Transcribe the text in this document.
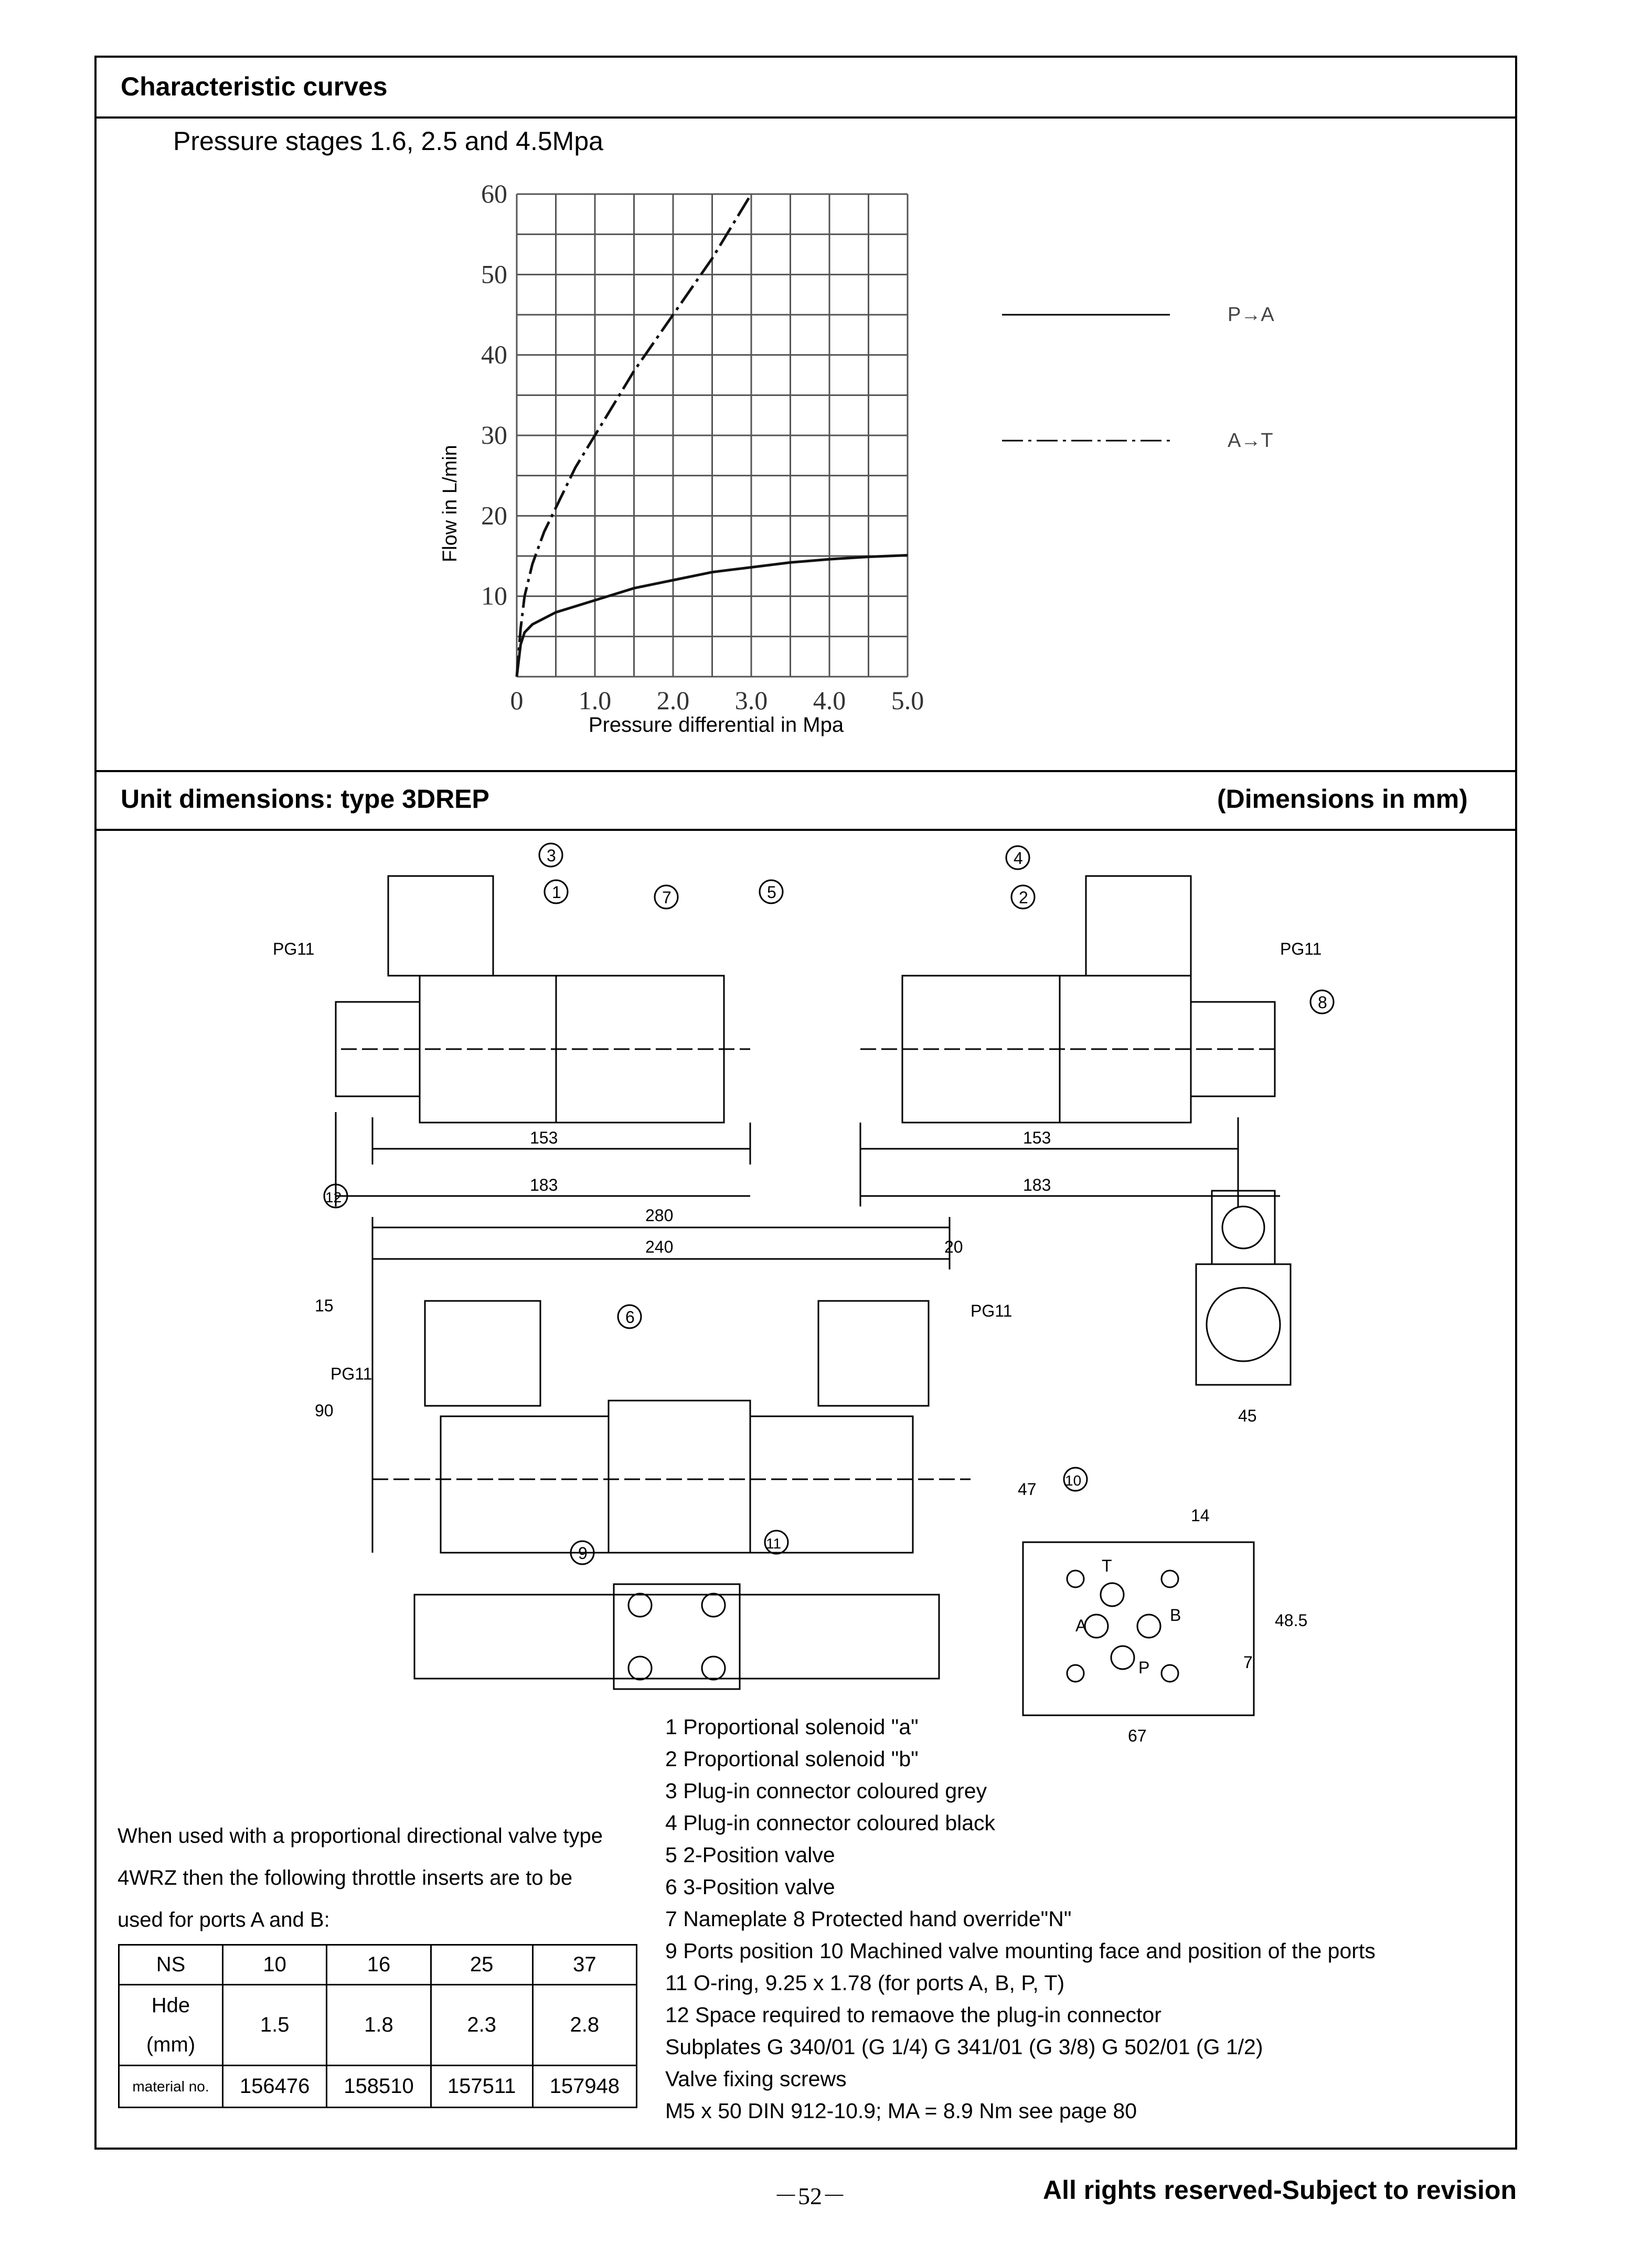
Characteristic curves
Pressure stages 1.6, 2.5 and 4.5Mpa
0 1.0 2.0 3.0 4.0 5.0
10
20
30
40
50
60
Flow in L/min
Pressure differential in Mpa
P→A
A→T
Unit dimensions: type 3DREP	(Dimensions in mm)
153
183
PG11
153
183
PG11
280
240	20
15
90
47
PG11
PG11
45
T
A
B
P
14
48.5
7
67
3
1	7	5
4
2
8
12
6
10
11
9
When used with a proportional directional valve type
4WRZ then the following throttle inserts are to be
used for ports A and B:
NS	10	16	25	37

Hde
(mm)	1.5	1.8	2.3	2.8
material no.	156476	158510	157511	157948
1 Proportional solenoid "a"
2 Proportional solenoid "b"
3 Plug-in connector coloured grey
4 Plug-in connector coloured black
5 2-Position valve
6 3-Position valve
7 Nameplate 8 Protected hand override"N"
9 Ports position 10 Machined valve mounting face and position of the ports
11 O-ring, 9.25 x 1.78 (for ports A, B, P, T)
12 Space required to remaove the plug-in connector
Subplates G 340/01 (G 1/4) G 341/01 (G 3/8) G 502/01 (G 1/2)
Valve fixing screws
M5 x 50 DIN 912-10.9; MA = 8.9 Nm see page 80
－52－	All rights reserved-Subject to revision
